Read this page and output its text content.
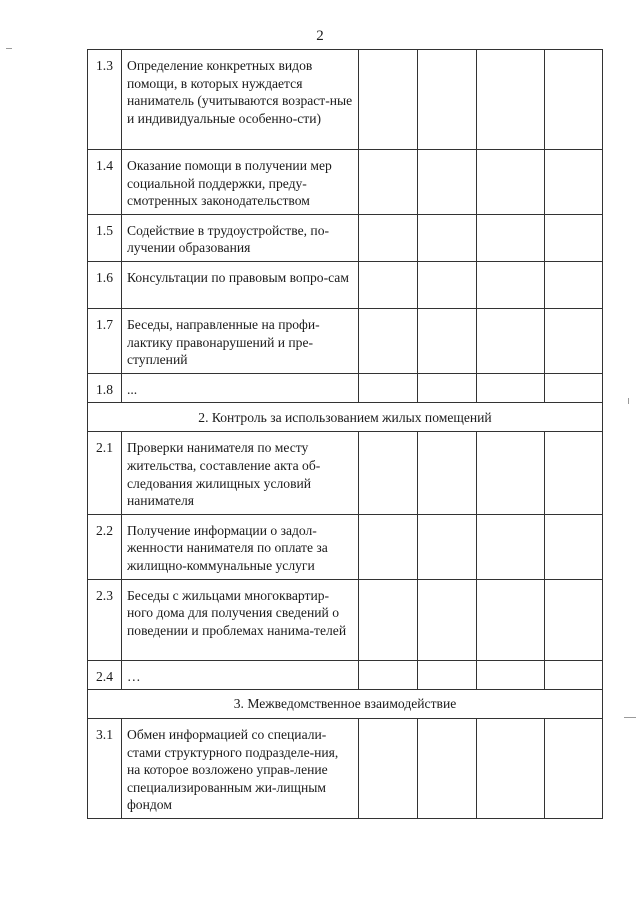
2
1.3	Определение конкретных видов помощи, в которых нуждается наниматель (учитываются возраст-ные и индивидуальные особенно-сти)				
1.4	Оказание помощи в получении мер социальной поддержки, преду-смотренных законодательством				
1.5	Содействие в трудоустройстве, по-лучении образования				
1.6	Консультации по правовым вопро-сам				
1.7	Беседы, направленные на профи-лактику правонарушений и пре-ступлений				
1.8	...				
2. Контроль за использованием жилых помещений					
2.1	Проверки нанимателя по месту жительства, составление акта об-следования жилищных условий нанимателя				
2.2	Получение информации о задол-женности нанимателя по оплате за жилищно-коммунальные услуги				
2.3	Беседы с жильцами многоквартир-ного дома для получения сведений о поведении и проблемах нанима-телей				
2.4	…				
3. Межведомственное взаимодействие					
3.1	Обмен информацией со специали-стами структурного подразделе-ния, на которое возложено управ-ление специализированным жи-лищным фондом				
